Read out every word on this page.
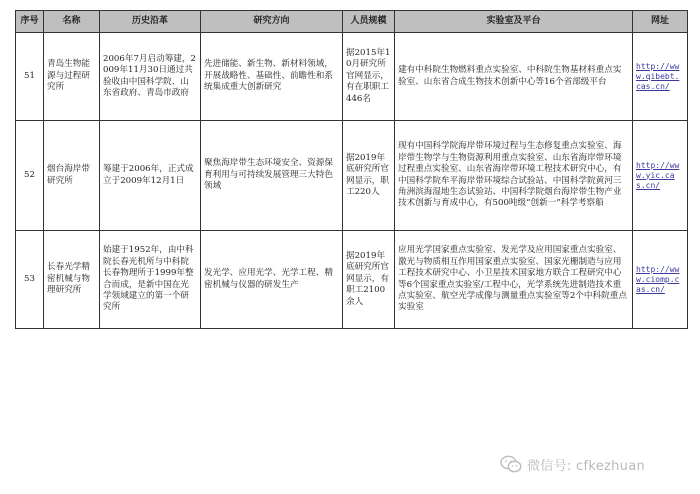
序号	名称	历史沿革	研究方向	人员规模	实验室及平台	网址
51	青岛生物能源与过程研究所	2006年7月启动筹建，2009年11月30日通过共验收由中国科学院、山东省政府、青岛市政府	先进储能、新生物、新材料领域，开展战略性、基础性、前瞻性和系统集成重大创新研究	据2015年10月研究所官网显示，有在职职工446名	建有中科院生物燃料重点实验室、中科院生物基材料重点实验室、山东省合成生物技术创新中心等16个省部级平台	http://www.qibebt.cas.cn/
52	烟台海岸带研究所	筹建于2006年，正式成立于2009年12月1日	聚焦海岸带生态环境安全、资源保育利用与可持续发展管理三大特色领域	据2019年底研究所官网显示，职工220人	现有中国科学院海岸带环境过程与生态修复重点实验室、海岸带生物学与生物资源利用重点实验室、山东省海岸带环境过程重点实验室、山东省海岸带环境工程技术研究中心，有中国科学院牟平海岸带环境综合试验站、中国科学院黄河三角洲滨海湿地生态试验站、中国科学院烟台海岸带生物产业技术创新与育成中心，有500吨级“创新一”科学考察船	http://www.yic.cas.cn/
53	长春光学精密机械与物理研究所	始建于1952年，由中科院长春光机所与中科院长春物理所于1999年整合而成，是新中国在光学领域建立的第一个研究所	发光学、应用光学、光学工程、精密机械与仪器的研发生产	据2019年底研究所官网显示，有职工2100余人	应用光学国家重点实验室、发光学及应用国家重点实验室、激光与物质相互作用国家重点实验室、国家光栅制造与应用工程技术研究中心、小卫星技术国家地方联合工程研究中心等6个国家重点实验室/工程中心，光学系统先进制造技术重点实验室、航空光学成像与测量重点实验室等2个中科院重点实验室	http://www.ciomp.cas.cn/
微信号: cfkezhuan
